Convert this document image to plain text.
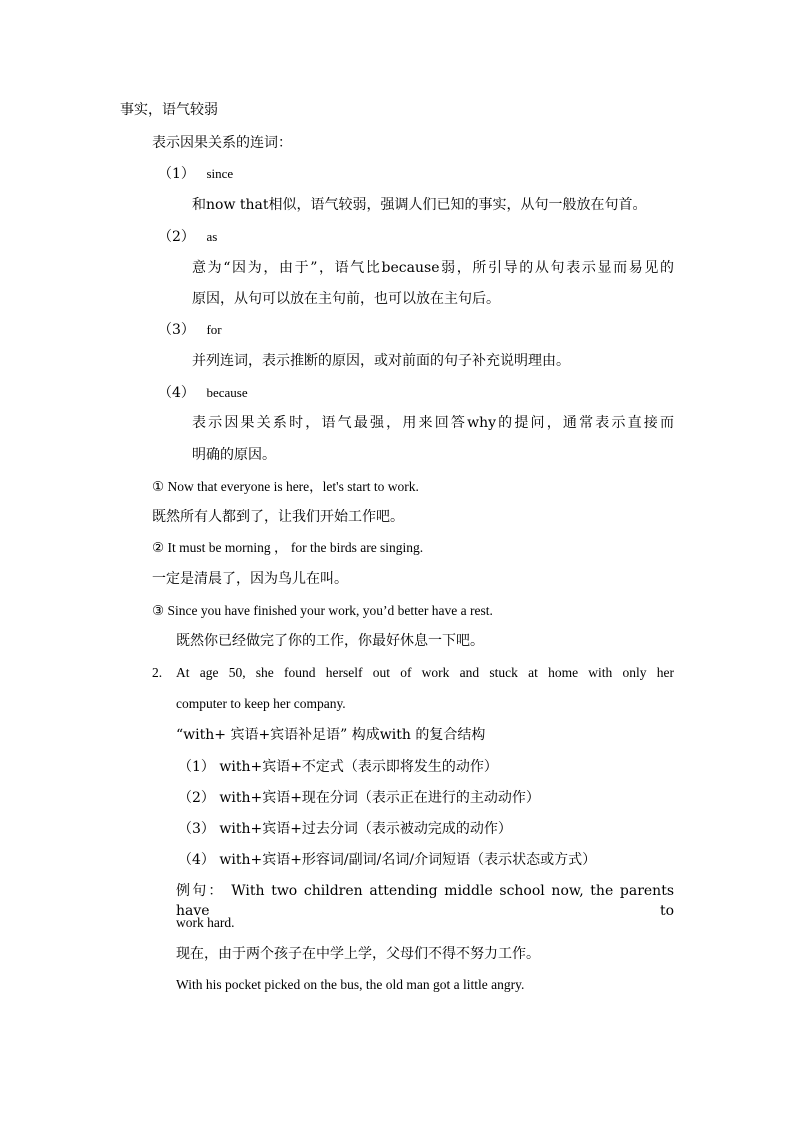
事实，语气较弱
表示因果关系的连词：
（1） since
和now that相似，语气较弱，强调人们已知的事实，从句一般放在句首。
（2） as
意为“因为，由于”，语气比because弱，所引导的从句表示显而易见的
原因，从句可以放在主句前，也可以放在主句后。
（3） for
并列连词，表示推断的原因，或对前面的句子补充说明理由。
（4） because
表示因果关系时，语气最强，用来回答why的提问，通常表示直接而
明确的原因。
① Now that everyone is here，let's start to work.
既然所有人都到了，让我们开始工作吧。
② It must be morning ， for the birds are singing.
一定是清晨了，因为鸟儿在叫。
③ Since you have finished your work, you’d better have a rest.
既然你已经做完了你的工作，你最好休息一下吧。
2. At age 50, she found herself out of work and stuck at home with only her
computer to keep her company.
“with+ 宾语+宾语补足语” 构成with 的复合结构
（1） with+宾语+不定式（表示即将发生的动作）
（2） with+宾语+现在分词（表示正在进行的主动动作）
（3） with+宾语+过去分词（表示被动完成的动作）
（4） with+宾语+形容词/副词/名词/介词短语（表示状态或方式）
例句： With two children attending middle school now, the parents have to
work hard.
现在，由于两个孩子在中学上学，父母们不得不努力工作。
With his pocket picked on the bus, the old man got a little angry.
